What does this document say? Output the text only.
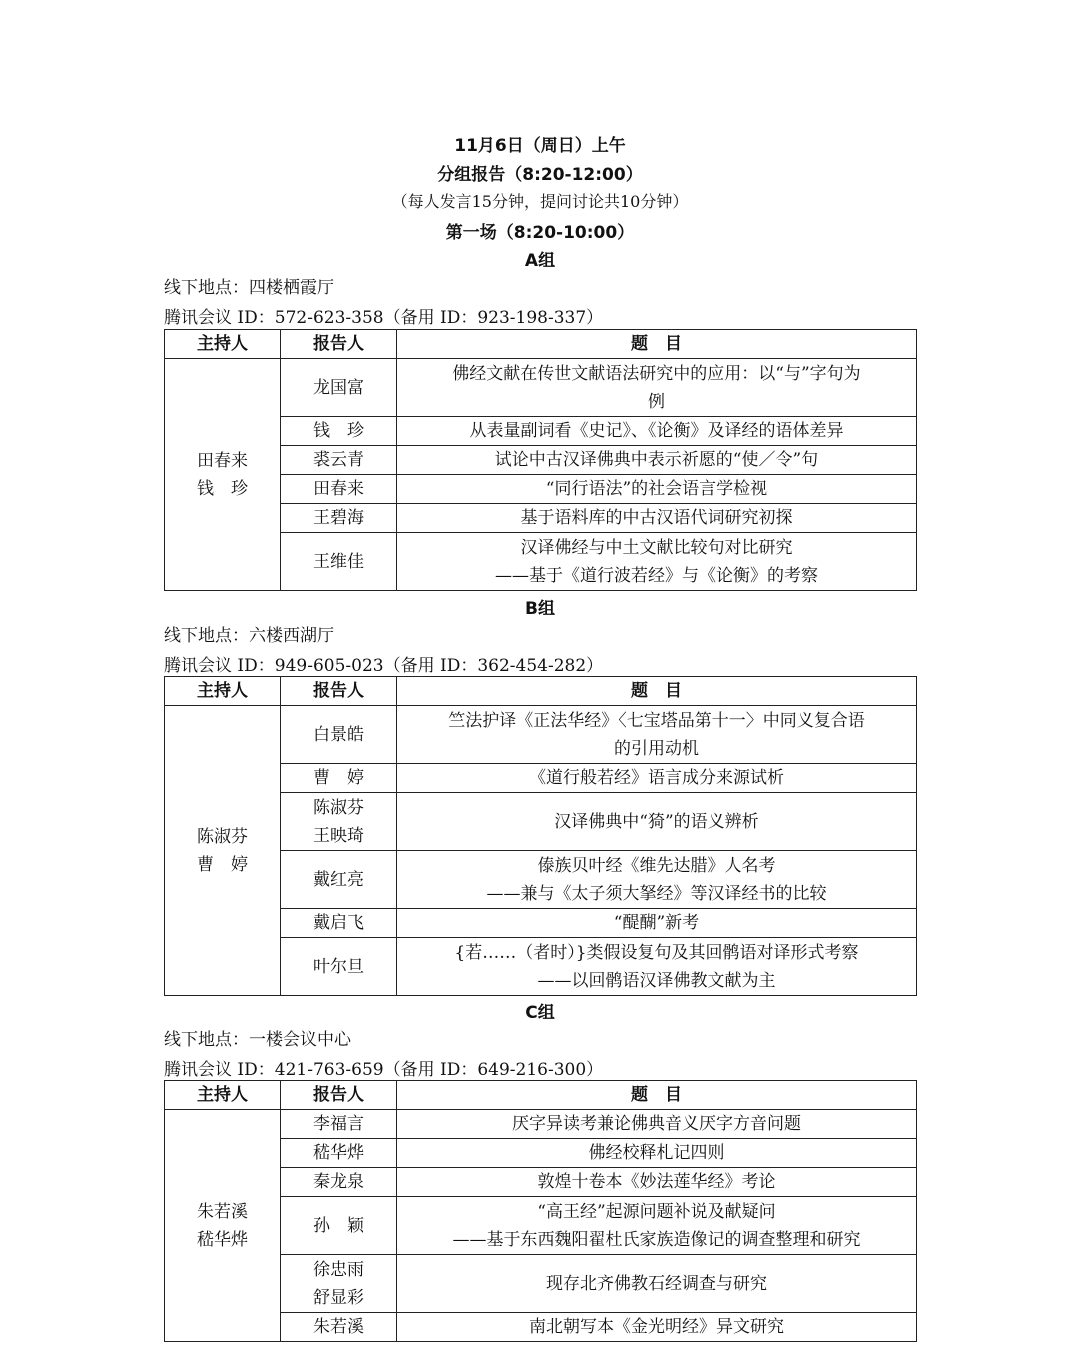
11月6日（周日）上午
分组报告（8:20-12:00）
（每人发言15分钟，提问讨论共10分钟）
第一场（8:20-10:00）
A组
线下地点：四楼栖霞厅
腾讯会议 ID：572-623-358（备用 ID：923-198-337）
主持人	报告人	题　目

田春来
钱　珍	龙国富	佛经文献在传世文献语法研究中的应用：以“与”字句为
例

	钱　珍	从表量副词看《史记》、《论衡》及译经的语体差异

	裘云青	试论中古汉译佛典中表示祈愿的“使／令”句

	田春来	“同行语法”的社会语言学检视

	王碧海	基于语料库的中古汉语代词研究初探

	王维佳	汉译佛经与中土文献比较句对比研究
——基于《道行波若经》与《论衡》的考察
B组
线下地点：六楼西湖厅
腾讯会议 ID：949-605-023（备用 ID：362-454-282）
主持人	报告人	题　目

陈淑芬
曹　婷	白景皓	竺法护译《正法华经》〈七宝塔品第十一〉中同义复合语
的引用动机

	曹　婷	《道行般若经》语言成分来源试析

	陈淑芬
王映琦	汉译佛典中“猗”的语义辨析

	戴红亮	傣族贝叶经《维先达腊》人名考
——兼与《太子须大拏经》等汉译经书的比较

	戴启飞	“醍醐”新考

	叶尔旦	{若……（者时）}类假设复句及其回鹘语对译形式考察
——以回鹘语汉译佛教文献为主
C组
线下地点：一楼会议中心
腾讯会议 ID：421-763-659（备用 ID：649-216-300）
主持人	报告人	题　目

朱若溪
嵇华烨	李福言	厌字异读考兼论佛典音义厌字方音问题

	嵇华烨	佛经校释札记四则

	秦龙泉	敦煌十卷本《妙法莲华经》考论

	孙　颖	“高王经”起源问题补说及献疑问
——基于东西魏阳翟杜氏家族造像记的调查整理和研究

	徐忠雨
舒显彩	现存北齐佛教石经调查与研究

	朱若溪	南北朝写本《金光明经》异文研究
